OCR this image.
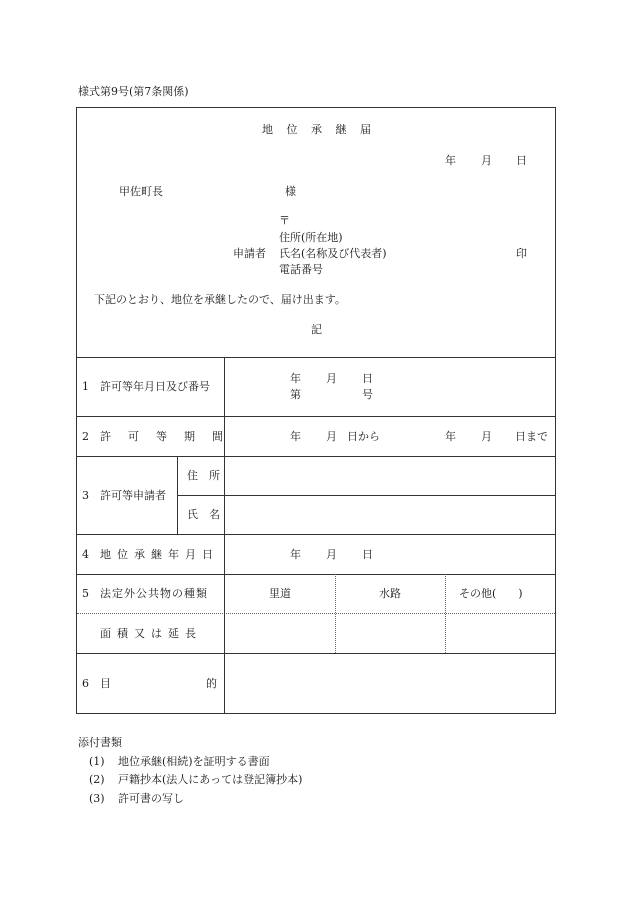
様式第9号(第7条関係)
地 位 承 継 届
年 月 日
甲佐町長	様
〒
住所(所在地)
申請者 氏名(名称及び代表者)	印
電話番号
下記のとおり、地位を承継したので、届け出ます。
記
1 許可等年月日及び番号
年 月 日
第	号
2 許可等期間	年 月 日から	年 月 日まで
3 許可等申請者
住所
氏名
4 地位承継年月日	年 月 日
5 法定外公共物の種類	里道	水路	その他(　　)
面積又は延長
6 目	的
添付書類
(1) 地位承継(相続)を証明する書面
(2) 戸籍抄本(法人にあっては登記簿抄本)
(3) 許可書の写し
